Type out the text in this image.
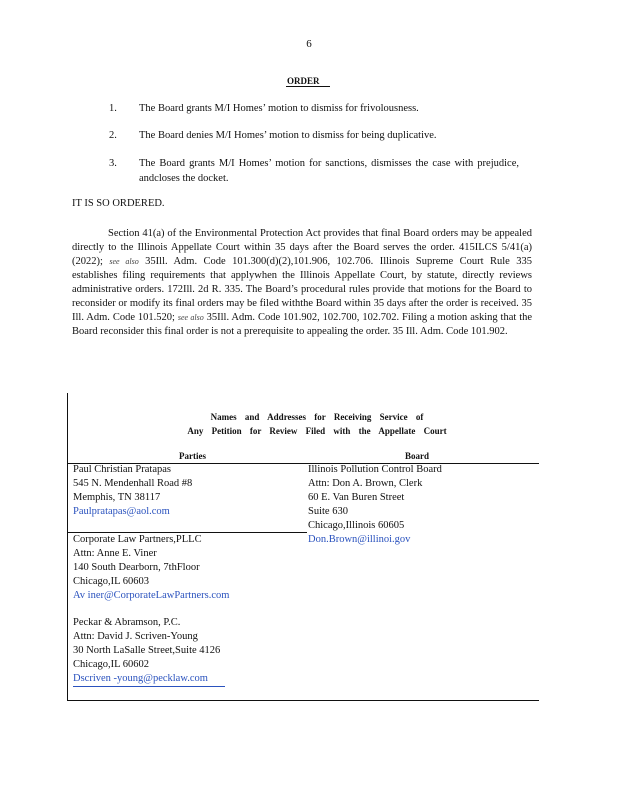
6
ORDER
1. The Board grants M/I Homes’ motion to dismiss for frivolousness.
2. The Board denies M/I Homes’ motion to dismiss for being duplicative.
3. The Board grants M/I Homes’ motion for sanctions, dismisses the case with prejudice, andcloses the docket.
IT IS SO ORDERED.
Section 41(a) of the Environmental Protection Act provides that final Board orders may be appealed directly to the Illinois Appellate Court within 35 days after the Board serves the order. 415ILCS 5/41(a) (2022); see also 35Ill. Adm. Code 101.300(d)(2),101.906, 102.706. Illinois Supreme Court Rule 335 establishes filing requirements that applywhen the Illinois Appellate Court, by statute, directly reviews administrative orders. 172Ill. 2d R. 335. The Board’s procedural rules provide that motions for the Board to reconsider or modify its final orders may be filed withthe Board within 35 days after the order is received. 35 Ill. Adm. Code 101.520; see also 35Ill. Adm. Code 101.902, 102.700, 102.702. Filing a motion asking that the Board reconsider this final order is not a prerequisite to appealing the order. 35 Ill. Adm. Code 101.902.
Names and Addresses for Receiving Service of
Any Petition for Review Filed with the Appellate Court
Parties	Board
Paul Christian Pratapas
545 N. Mendenhall Road #8
Memphis, TN 38117
Paulpratapas@aol.com
Corporate Law Partners,PLLC
Attn: Anne E. Viner
140 South Dearborn, 7thFloor
Chicago,IL 60603
Av iner@CorporateLawPartners.com
Peckar & Abramson, P.C.
Attn: David J. Scriven-Young
30 North LaSalle Street,Suite 4126
Chicago,IL 60602
Dscriven -young@pecklaw.com
Illinois Pollution Control Board
Attn: Don A. Brown, Clerk
60 E. Van Buren Street
Suite 630
Chicago,Illinois 60605
Don.Brown@illinoi.gov
